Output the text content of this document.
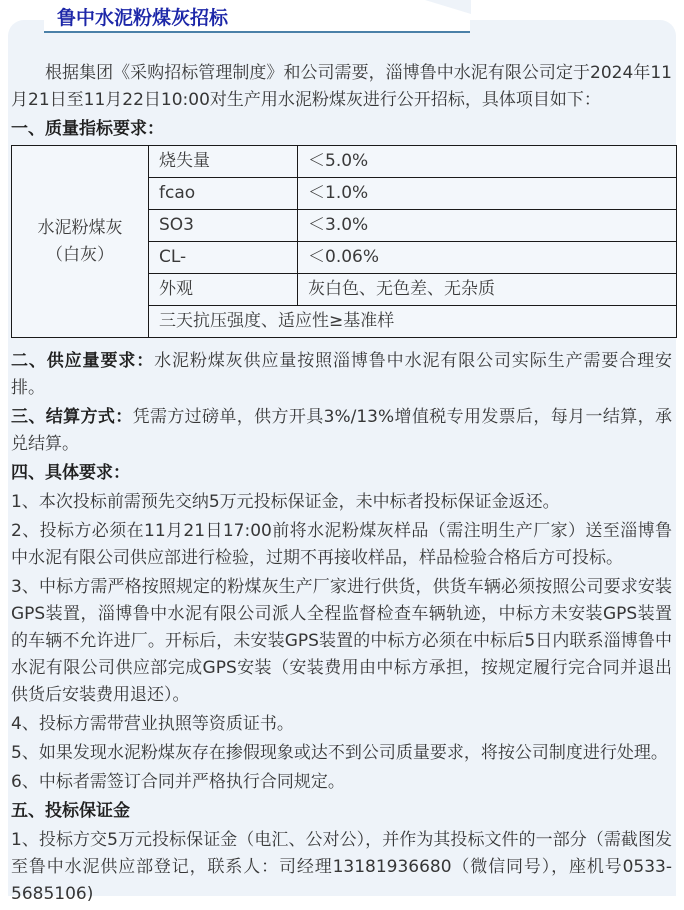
根据集团《采购招标管理制度》和公司需要，淄博鲁中水泥有限公司定于2024年11月21日至11月22日10:00对生产用水泥粉煤灰进行公开招标，具体项目如下：

一、质量指标要求：
水泥粉煤灰
（白灰）	烧失量	＜5.0%
	fcao	＜1.0%
	SO3	＜3.0%
	CL-	＜0.06%
	外观	灰白色、无色差、无杂质
	三天抗压强度、适应性≥基准样	

二、供应量要求：水泥粉煤灰供应量按照淄博鲁中水泥有限公司实际生产需要合理安排。

三、结算方式：凭需方过磅单，供方开具3%/13%增值税专用发票后，每月一结算，承兑结算。

四、具体要求：

1、本次投标前需预先交纳5万元投标保证金，未中标者投标保证金返还。

2、投标方必须在11月21日17:00前将水泥粉煤灰样品（需注明生产厂家）送至淄博鲁中水泥有限公司供应部进行检验，过期不再接收样品，样品检验合格后方可投标。

3、中标方需严格按照规定的粉煤灰生产厂家进行供货，供货车辆必须按照公司要求安装GPS装置，淄博鲁中水泥有限公司派人全程监督检查车辆轨迹，中标方未安装GPS装置的车辆不允许进厂。开标后，未安装GPS装置的中标方必须在中标后5日内联系淄博鲁中水泥有限公司供应部完成GPS安装（安装费用由中标方承担，按规定履行完合同并退出供货后安装费用退还）。

4、投标方需带营业执照等资质证书。

5、如果发现水泥粉煤灰存在掺假现象或达不到公司质量要求，将按公司制度进行处理。

6、中标者需签订合同并严格执行合同规定。

五、投标保证金

1、投标方交5万元投标保证金（电汇、公对公），并作为其投标文件的一部分（需截图发至鲁中水泥供应部登记，联系人：司经理13181936680（微信同号），座机号0533-5685106)

鲁中水泥粉煤灰招标
